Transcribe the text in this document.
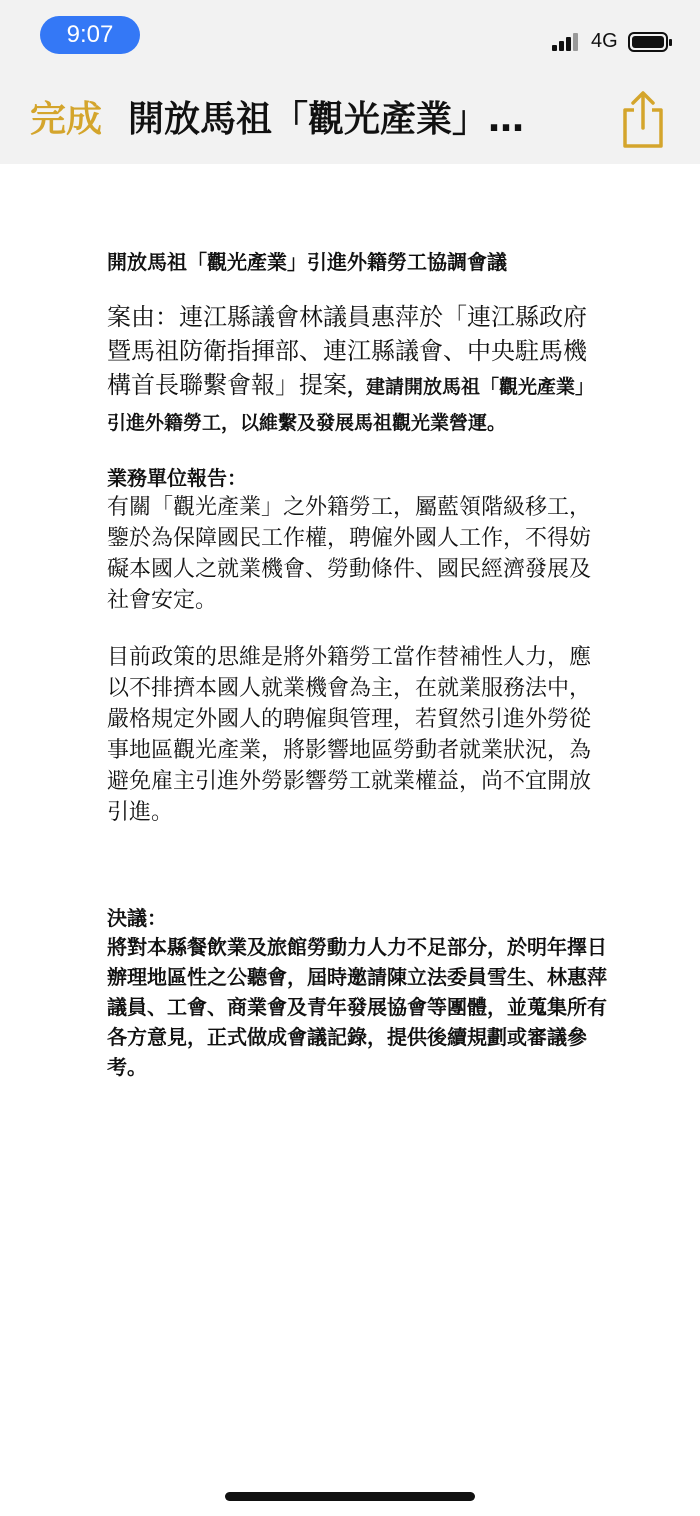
9:07	4G
完成 開放馬祖「觀光產業」…
開放馬祖「觀光產業」引進外籍勞工協調會議
案由：連江縣議會林議員惠萍於「連江縣政府暨馬祖防衛指揮部、連江縣議會、中央駐馬機構首長聯繫會報」提案，建請開放馬祖「觀光產業」引進外籍勞工，以維繫及發展馬祖觀光業營運。
業務單位報告：
有關「觀光產業」之外籍勞工，屬藍領階級移工，鑒於為保障國民工作權，聘僱外國人工作，不得妨礙本國人之就業機會、勞動條件、國民經濟發展及社會安定。
目前政策的思維是將外籍勞工當作替補性人力，應以不排擠本國人就業機會為主，在就業服務法中，嚴格規定外國人的聘僱與管理，若貿然引進外勞從事地區觀光產業，將影響地區勞動者就業狀況，為避免雇主引進外勞影響勞工就業權益，尚不宜開放引進。
決議：
將對本縣餐飲業及旅館勞動力人力不足部分，於明年擇日辦理地區性之公聽會，屆時邀請陳立法委員雪生、林惠萍議員、工會、商業會及青年發展協會等團體，並蒐集所有各方意見，正式做成會議記錄，提供後續規劃或審議參考。
